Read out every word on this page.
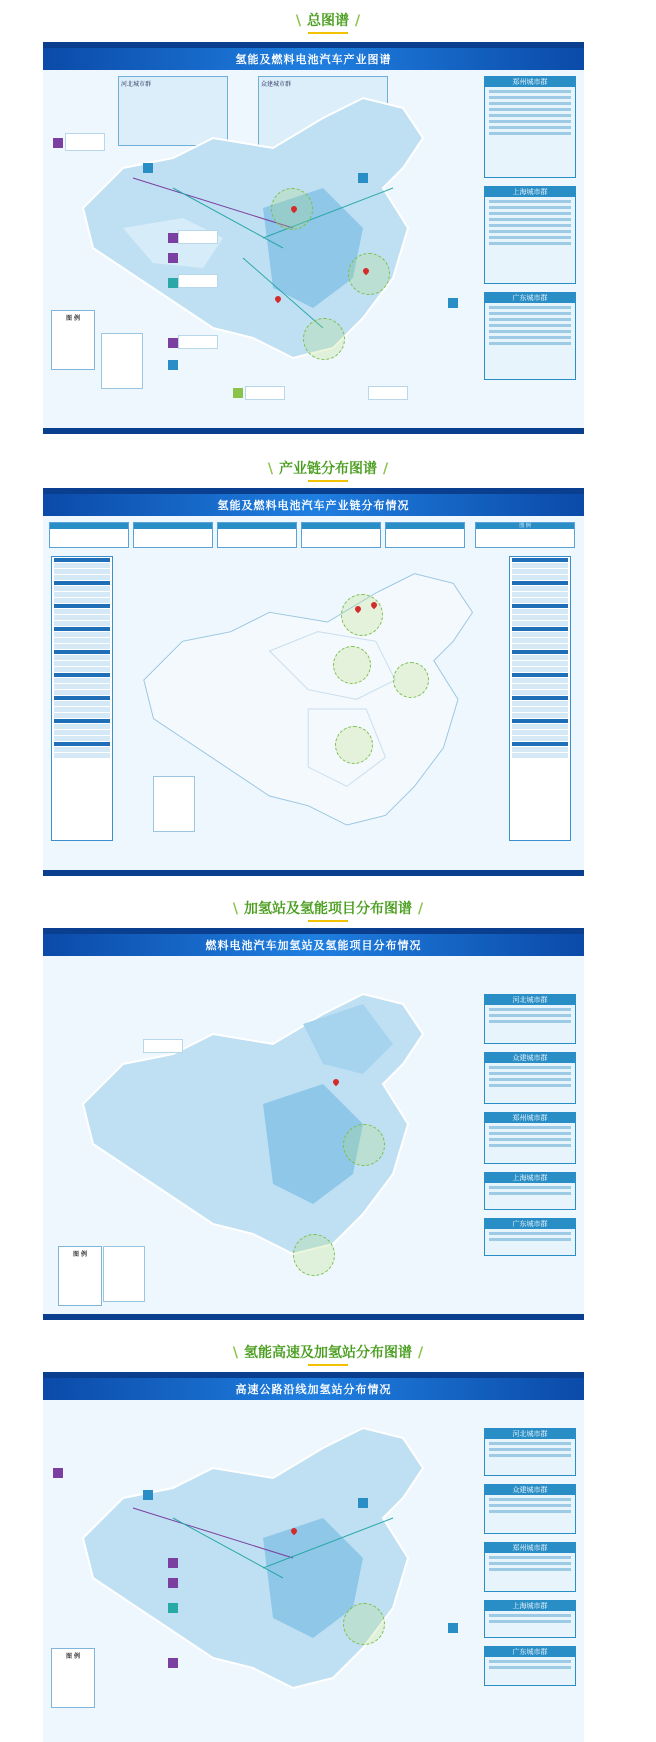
\ 总图谱 /
氢能及燃料电池汽车产业图谱
河北城市群	众建城市群
图 例
郑州城市群
上海城市群
广东城市群
\ 产业链分布图谱 /
氢能及燃料电池汽车产业链分布情况
图 例
\ 加氢站及氢能项目分布图谱 /
燃料电池汽车加氢站及氢能项目分布情况
图 例
河北城市群
众建城市群
郑州城市群
上海城市群
广东城市群
\ 氢能高速及加氢站分布图谱 /
高速公路沿线加氢站分布情况
图 例
河北城市群
众建城市群
郑州城市群
上海城市群
广东城市群
